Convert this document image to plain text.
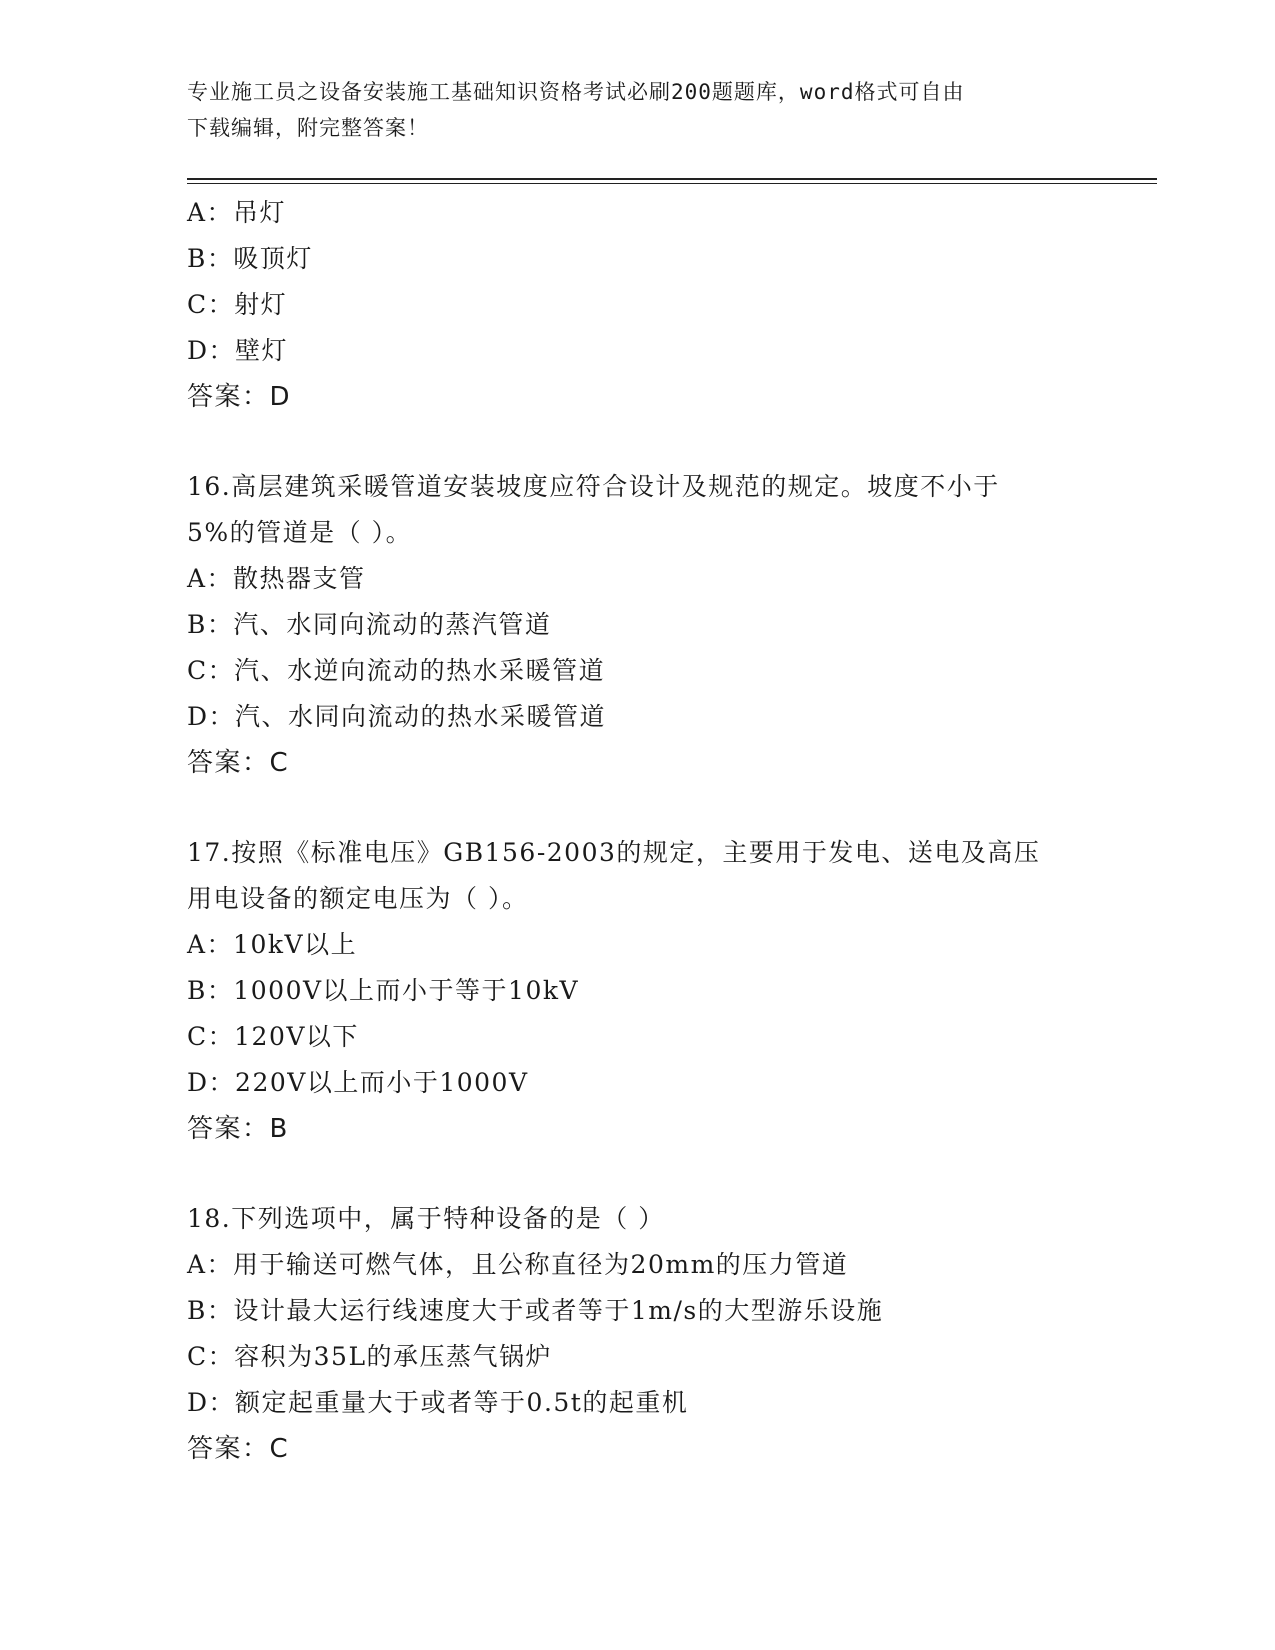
专业施工员之设备安装施工基础知识资格考试必刷200题题库，word格式可自由
下载编辑，附完整答案！
A：吊灯
B：吸顶灯
C：射灯
D：壁灯
答案：D
16.高层建筑采暖管道安装坡度应符合设计及规范的规定。坡度不小于
5%的管道是（ ）。
A：散热器支管
B：汽、水同向流动的蒸汽管道
C：汽、水逆向流动的热水采暖管道
D：汽、水同向流动的热水采暖管道
答案：C
17.按照《标准电压》GB156-2003的规定，主要用于发电、送电及高压
用电设备的额定电压为（ ）。
A：10kV以上
B：1000V以上而小于等于10kV
C：120V以下
D：220V以上而小于1000V
答案：B
18.下列选项中，属于特种设备的是（ ）
A：用于输送可燃气体，且公称直径为20mm的压力管道
B：设计最大运行线速度大于或者等于1m/s的大型游乐设施
C：容积为35L的承压蒸气锅炉
D：额定起重量大于或者等于0.5t的起重机
答案：C
